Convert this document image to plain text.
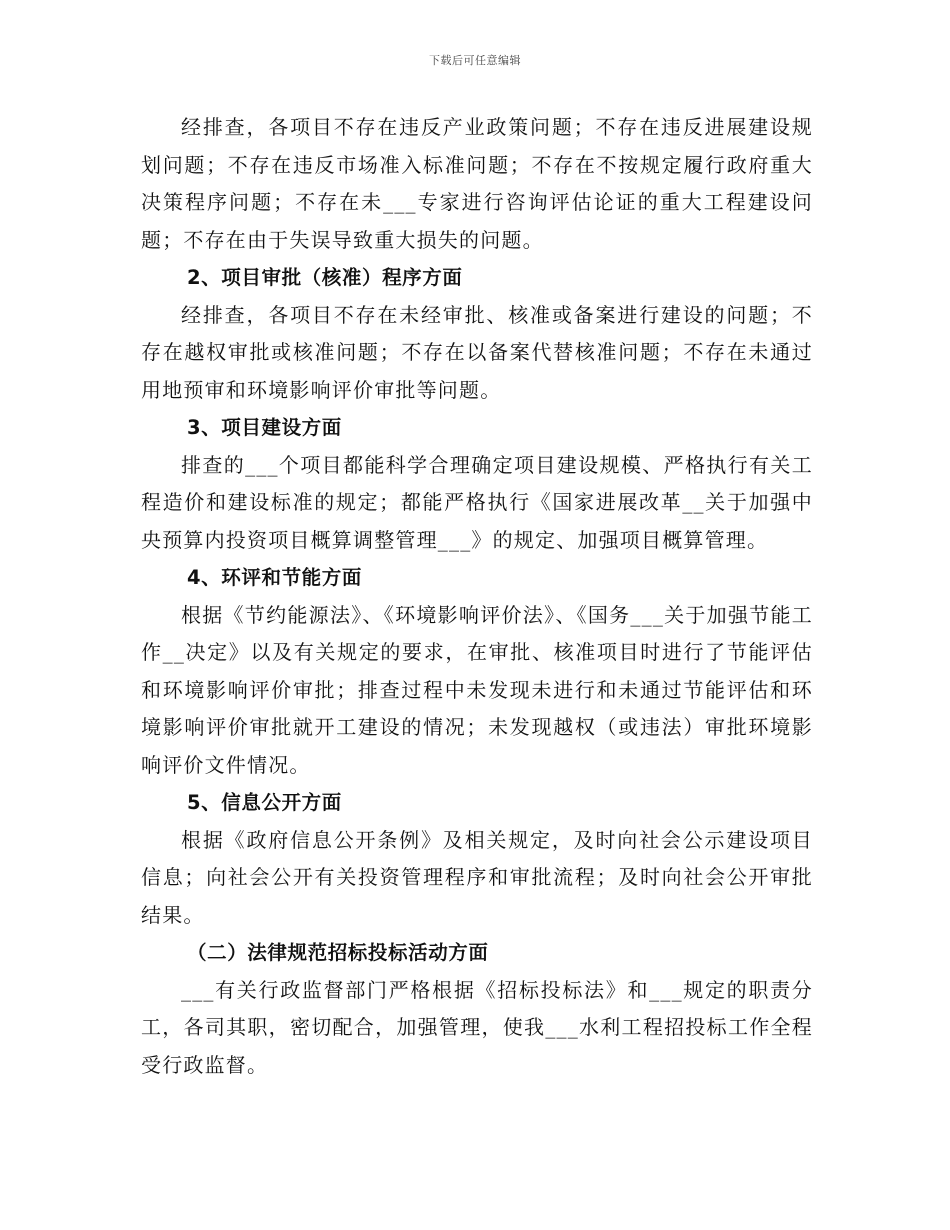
下载后可任意编辑

经排查，各项目不存在违反产业政策问题；不存在违反进展建设规划问题；不存在违反市场准入标准问题；不存在不按规定履行政府重大决策程序问题；不存在未___专家进行咨询评估论证的重大工程建设问题；不存在由于失误导致重大损失的问题。

2、项目审批（核准）程序方面

经排查，各项目不存在未经审批、核准或备案进行建设的问题；不存在越权审批或核准问题；不存在以备案代替核准问题；不存在未通过用地预审和环境影响评价审批等问题。

3、项目建设方面

排查的___个项目都能科学合理确定项目建设规模、严格执行有关工程造价和建设标准的规定；都能严格执行《国家进展改革__关于加强中央预算内投资项目概算调整管理___》的规定、加强项目概算管理。

4、环评和节能方面

根据《节约能源法》、《环境影响评价法》、《国务___关于加强节能工作__决定》以及有关规定的要求，在审批、核准项目时进行了节能评估和环境影响评价审批；排查过程中未发现未进行和未通过节能评估和环境影响评价审批就开工建设的情况；未发现越权（或违法）审批环境影响评价文件情况。

5、信息公开方面

根据《政府信息公开条例》及相关规定，及时向社会公示建设项目信息；向社会公开有关投资管理程序和审批流程；及时向社会公开审批结果。

（二）法律规范招标投标活动方面

___有关行政监督部门严格根据《招标投标法》和___规定的职责分工，各司其职，密切配合，加强管理，使我___水利工程招投标工作全程受行政监督。
